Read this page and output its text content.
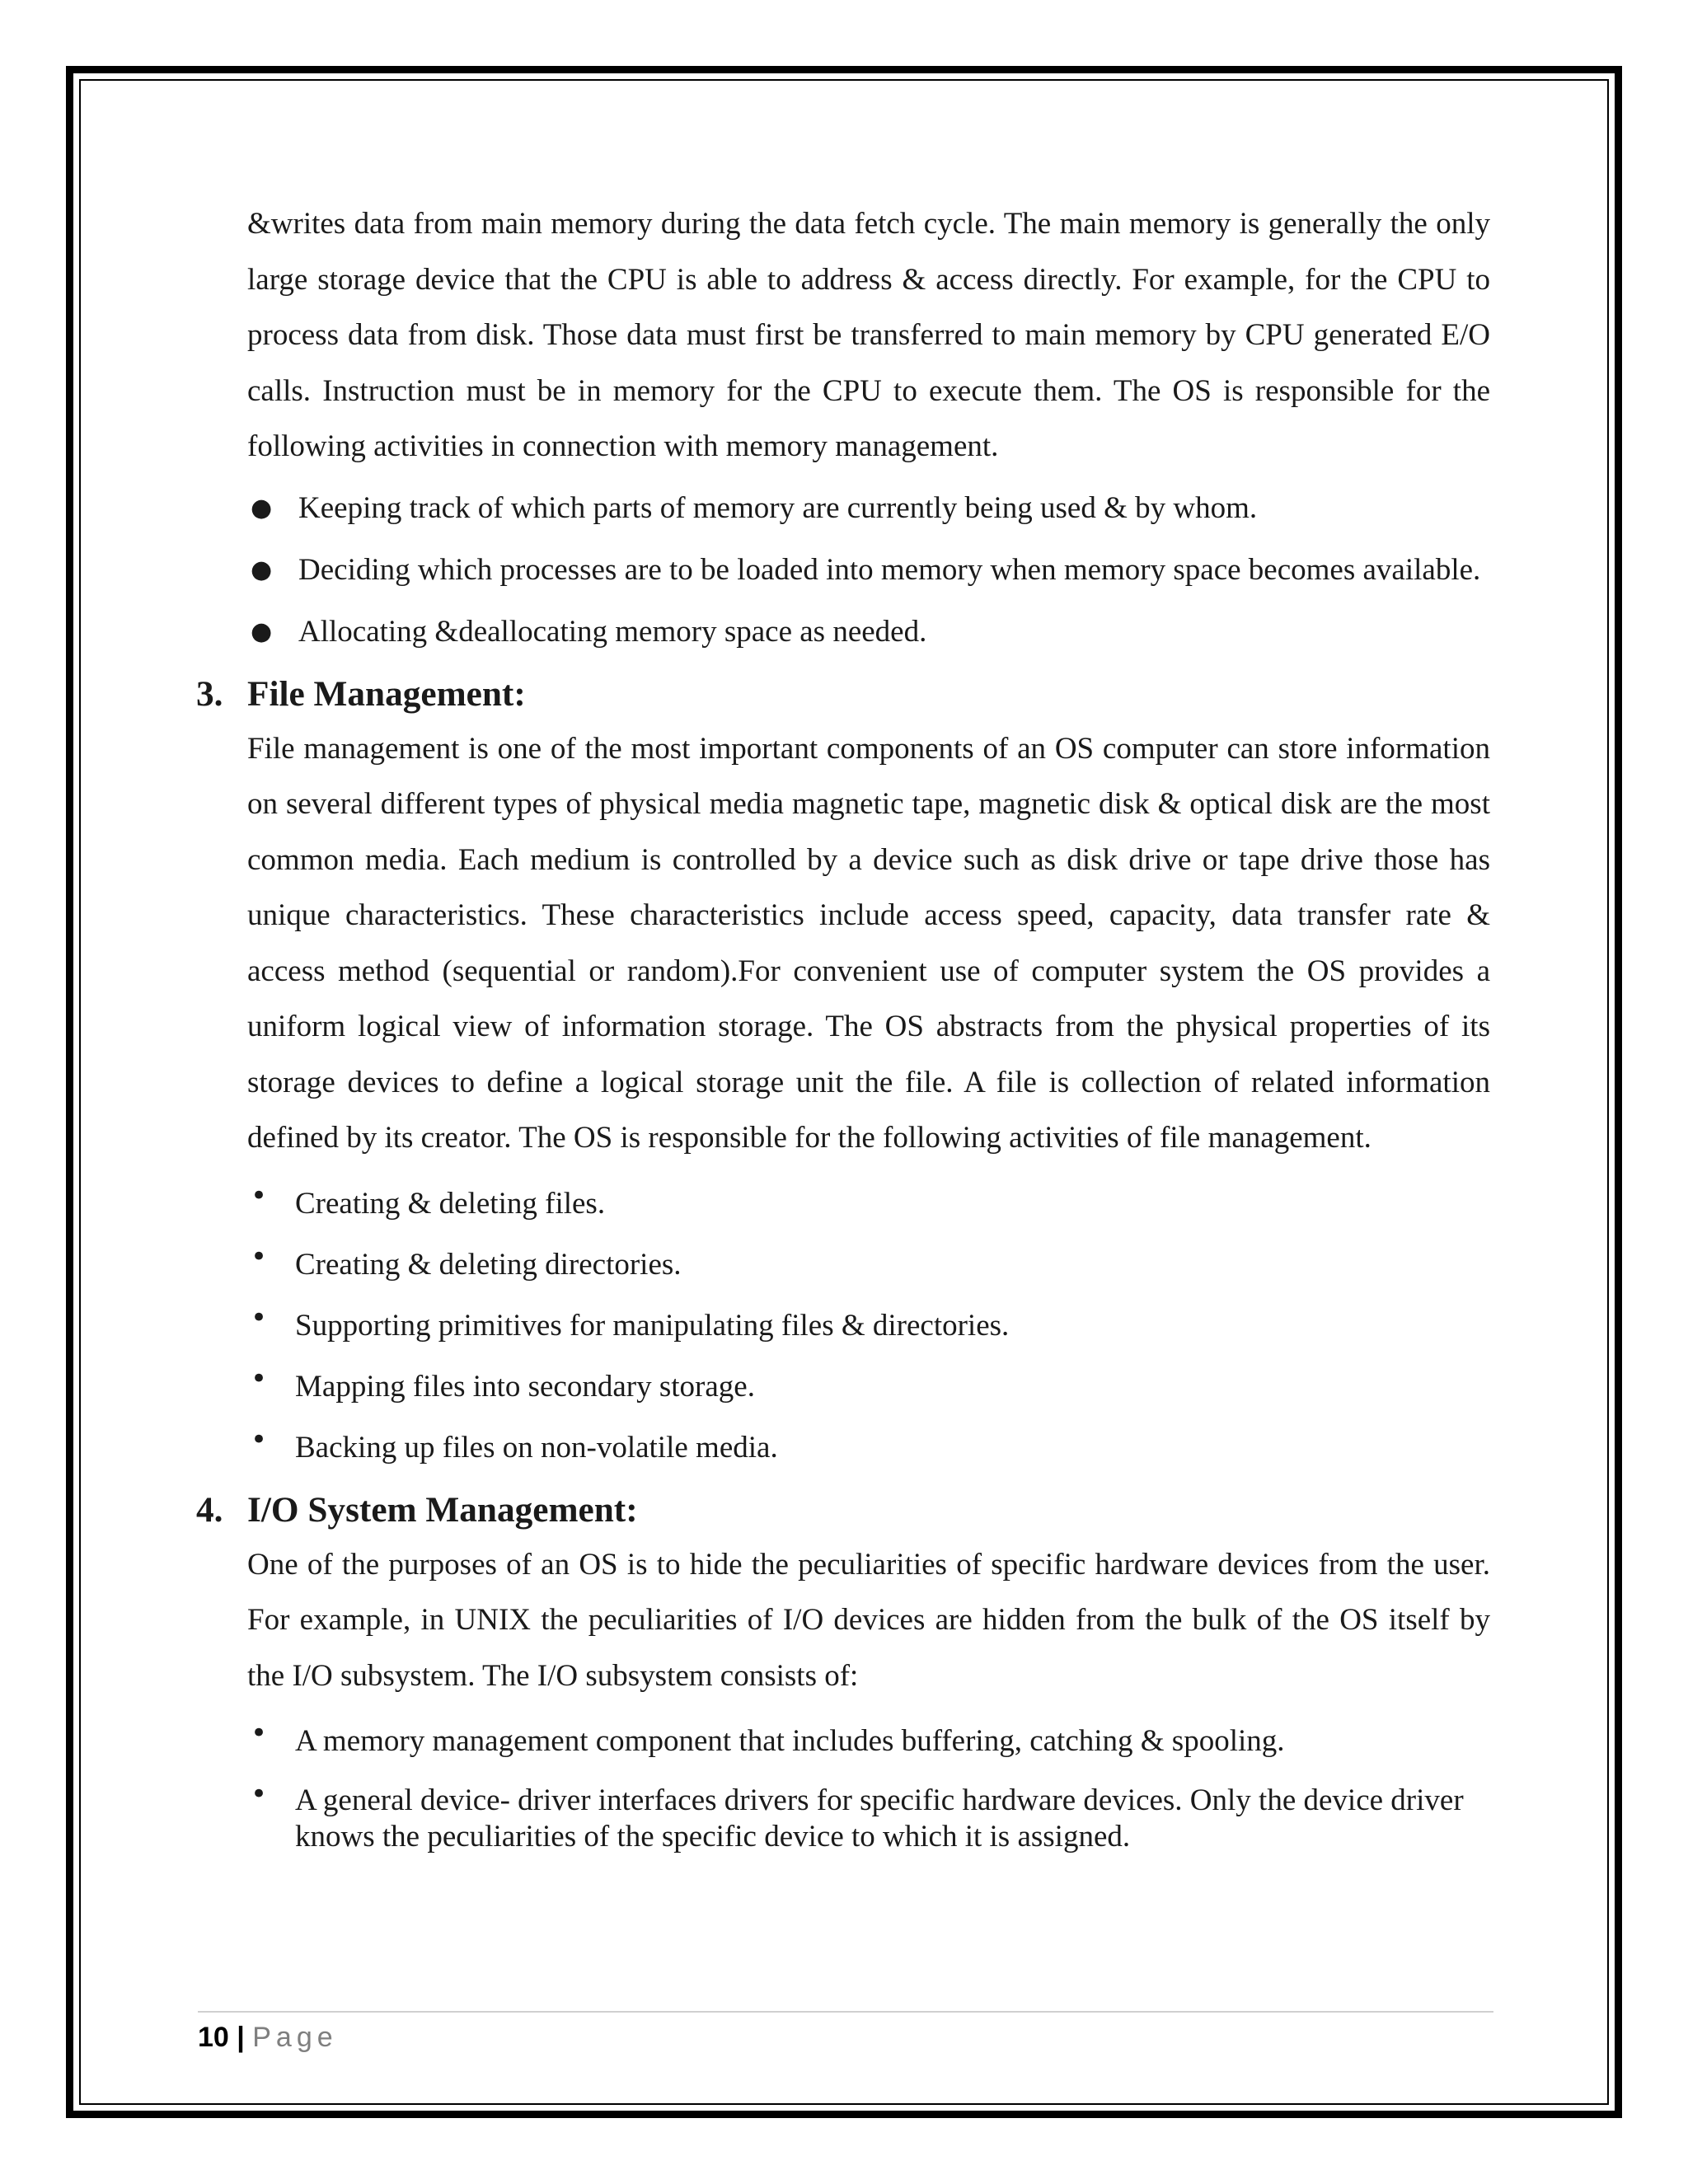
&writes data from main memory during the data fetch cycle. The main memory is generally the only large storage device that the CPU is able to address & access directly. For example, for the CPU to process data from disk. Those data must first be transferred to main memory by CPU generated E/O calls. Instruction must be in memory for the CPU to execute them. The OS is responsible for the following activities in connection with memory management.

● Keeping track of which parts of memory are currently being used & by whom.
● Deciding which processes are to be loaded into memory when memory space becomes available.
● Allocating &deallocating memory space as needed.
3. File Management:

File management is one of the most important components of an OS computer can store information on several different types of physical media magnetic tape, magnetic disk & optical disk are the most common media. Each medium is controlled by a device such as disk drive or tape drive those has unique characteristics. These characteristics include access speed, capacity, data transfer rate & access method (sequential or random).For convenient use of computer system the OS provides a uniform logical view of information storage. The OS abstracts from the physical properties of its storage devices to define a logical storage unit the file. A file is collection of related information defined by its creator. The OS is responsible for the following activities of file management.

• Creating & deleting files.
• Creating & deleting directories.
• Supporting primitives for manipulating files & directories.
• Mapping files into secondary storage.
• Backing up files on non-volatile media.
4. I/O System Management:

One of the purposes of an OS is to hide the peculiarities of specific hardware devices from the user. For example, in UNIX the peculiarities of I/O devices are hidden from the bulk of the OS itself by the I/O subsystem. The I/O subsystem consists of:

• A memory management component that includes buffering, catching & spooling.
• A general device- driver interfaces drivers for specific hardware devices. Only the device driver knows the peculiarities of the specific device to which it is assigned.
10 | Page
